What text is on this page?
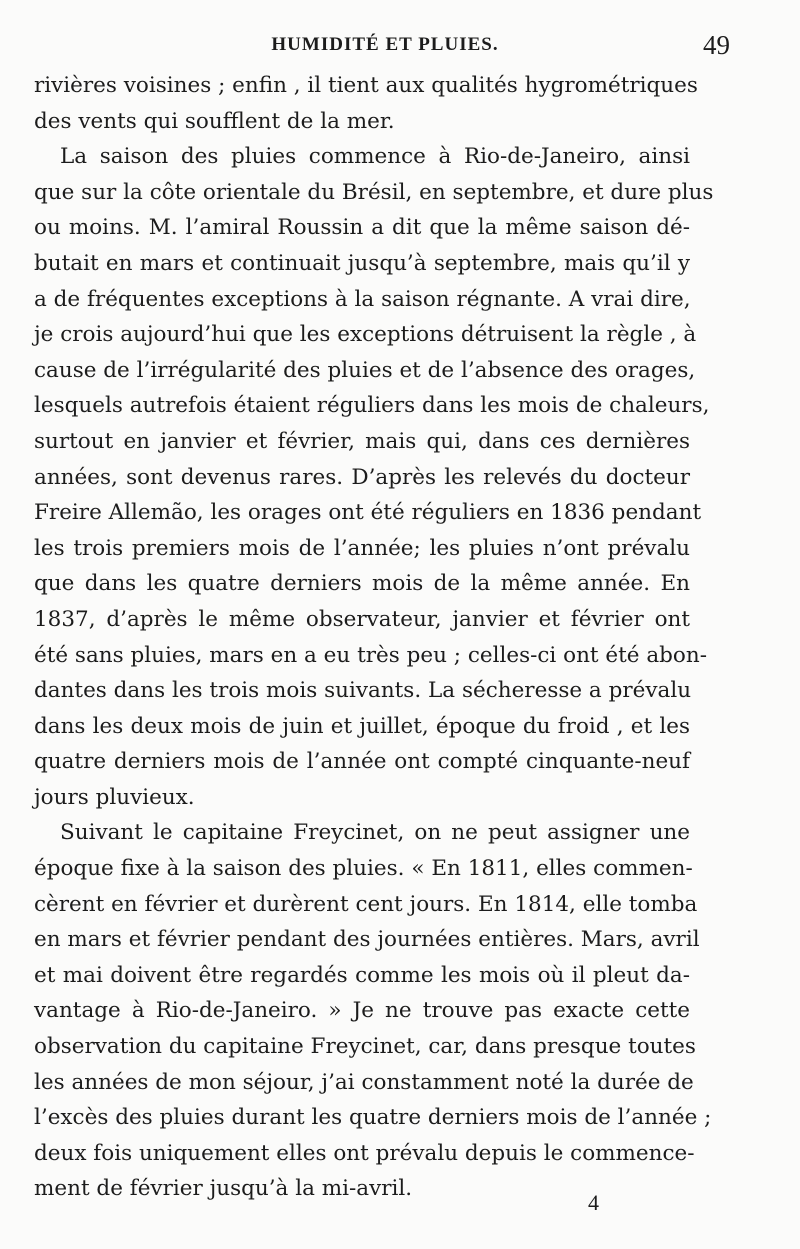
HUMIDITÉ ET PLUIES.	49
rivières voisines ; enfin , il tient aux qualités hygrométriques
des vents qui soufflent de la mer.
La saison des pluies commence à Rio-de-Janeiro, ainsi
que sur la côte orientale du Brésil, en septembre, et dure plus
ou moins. M. l’amiral Roussin a dit que la même saison dé-
butait en mars et continuait jusqu’à septembre, mais qu’il y
a de fréquentes exceptions à la saison régnante. A vrai dire,
je crois aujourd’hui que les exceptions détruisent la règle , à
cause de l’irrégularité des pluies et de l’absence des orages,
lesquels autrefois étaient réguliers dans les mois de chaleurs,
surtout en janvier et février, mais qui, dans ces dernières
années, sont devenus rares. D’après les relevés du docteur
Freire Allemão, les orages ont été réguliers en 1836 pendant
les trois premiers mois de l’année; les pluies n’ont prévalu
que dans les quatre derniers mois de la même année. En
1837, d’après le même observateur, janvier et février ont
été sans pluies, mars en a eu très peu ; celles-ci ont été abon-
dantes dans les trois mois suivants. La sécheresse a prévalu
dans les deux mois de juin et juillet, époque du froid , et les
quatre derniers mois de l’année ont compté cinquante-neuf
jours pluvieux.
Suivant le capitaine Freycinet, on ne peut assigner une
époque fixe à la saison des pluies. « En 1811, elles commen-
cèrent en février et durèrent cent jours. En 1814, elle tomba
en mars et février pendant des journées entières. Mars, avril
et mai doivent être regardés comme les mois où il pleut da-
vantage à Rio-de-Janeiro. » Je ne trouve pas exacte cette
observation du capitaine Freycinet, car, dans presque toutes
les années de mon séjour, j’ai constamment noté la durée de
l’excès des pluies durant les quatre derniers mois de l’année ;
deux fois uniquement elles ont prévalu depuis le commence-
ment de février jusqu’à la mi-avril.
4
